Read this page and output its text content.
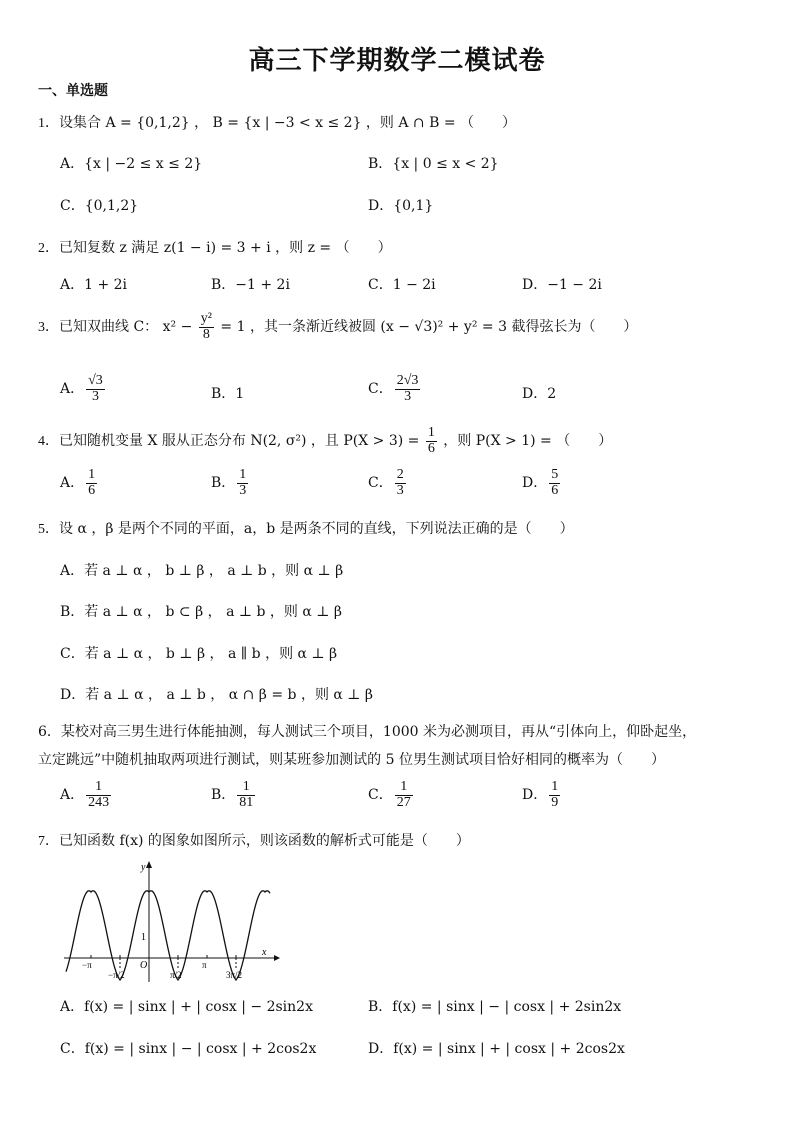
高三下学期数学二模试卷
一、单选题
1．设集合 A = {0,1,2} ， B = {x | −3 < x ≤ 2} ，则 A ∩ B = （　　）
A．{x | −2 ≤ x ≤ 2}	B．{x | 0 ≤ x < 2}
C．{0,1,2}	D．{0,1}
2．已知复数 z 满足 z(1 − i) = 3 + i ，则 z = （　　）
A．1 + 2i	B．−1 + 2i	C．1 − 2i	D．−1 − 2i
3．已知双曲线 C： $x^2 - \frac{\text{y²}}{8} = 1$ ，其一条渐近线被圆 (x − √3)² + y² = 3 截得弦长为（　　）
A． $\frac{√3}{3}$	B．1	C． $\frac{2√3}{3}$	D．2
4．已知随机变量 X 服从正态分布 N(2, σ²) ，且 $P(X > 3) = \frac{1}{6}$ ，则 P(X > 1) = （　　）
A． $\frac{1}{6}$	B． $\frac{1}{3}$	C． $\frac{2}{3}$	D． $\frac{5}{6}$
5．设 α ，β 是两个不同的平面，a，b 是两条不同的直线，下列说法正确的是（　　）
A．若 a ⊥ α ， b ⊥ β ， a ⊥ b ，则 α ⊥ β
B．若 a ⊥ α ， b ⊂ β ， a ⊥ b ，则 α ⊥ β
C．若 a ⊥ α ， b ⊥ β ， a ∥ b ，则 α ⊥ β
D．若 a ⊥ α ， a ⊥ b ， α ∩ β = b ，则 α ⊥ β
6．某校对高三男生进行体能抽测，每人测试三个项目，1000 米为必测项目，再从“引体向上，仰卧起坐，
立定跳远”中随机抽取两项进行测试，则某班参加测试的 5 位男生测试项目恰好相同的概率为（　　）
A． $\frac{1}{243}$	B． $\frac{1}{81}$	C． $\frac{1}{27}$	D． $\frac{1}{9}$
7．已知函数 f(x) 的图象如图所示，则该函数的解析式可能是（　　）
y
x
1
O
−π
−π/2	π/2
π
3π/2
A．f(x) = | sinx | + | cosx | − 2sin2x	B．f(x) = | sinx | − | cosx | + 2sin2x
C．f(x) = | sinx | − | cosx | + 2cos2x	D．f(x) = | sinx | + | cosx | + 2cos2x
